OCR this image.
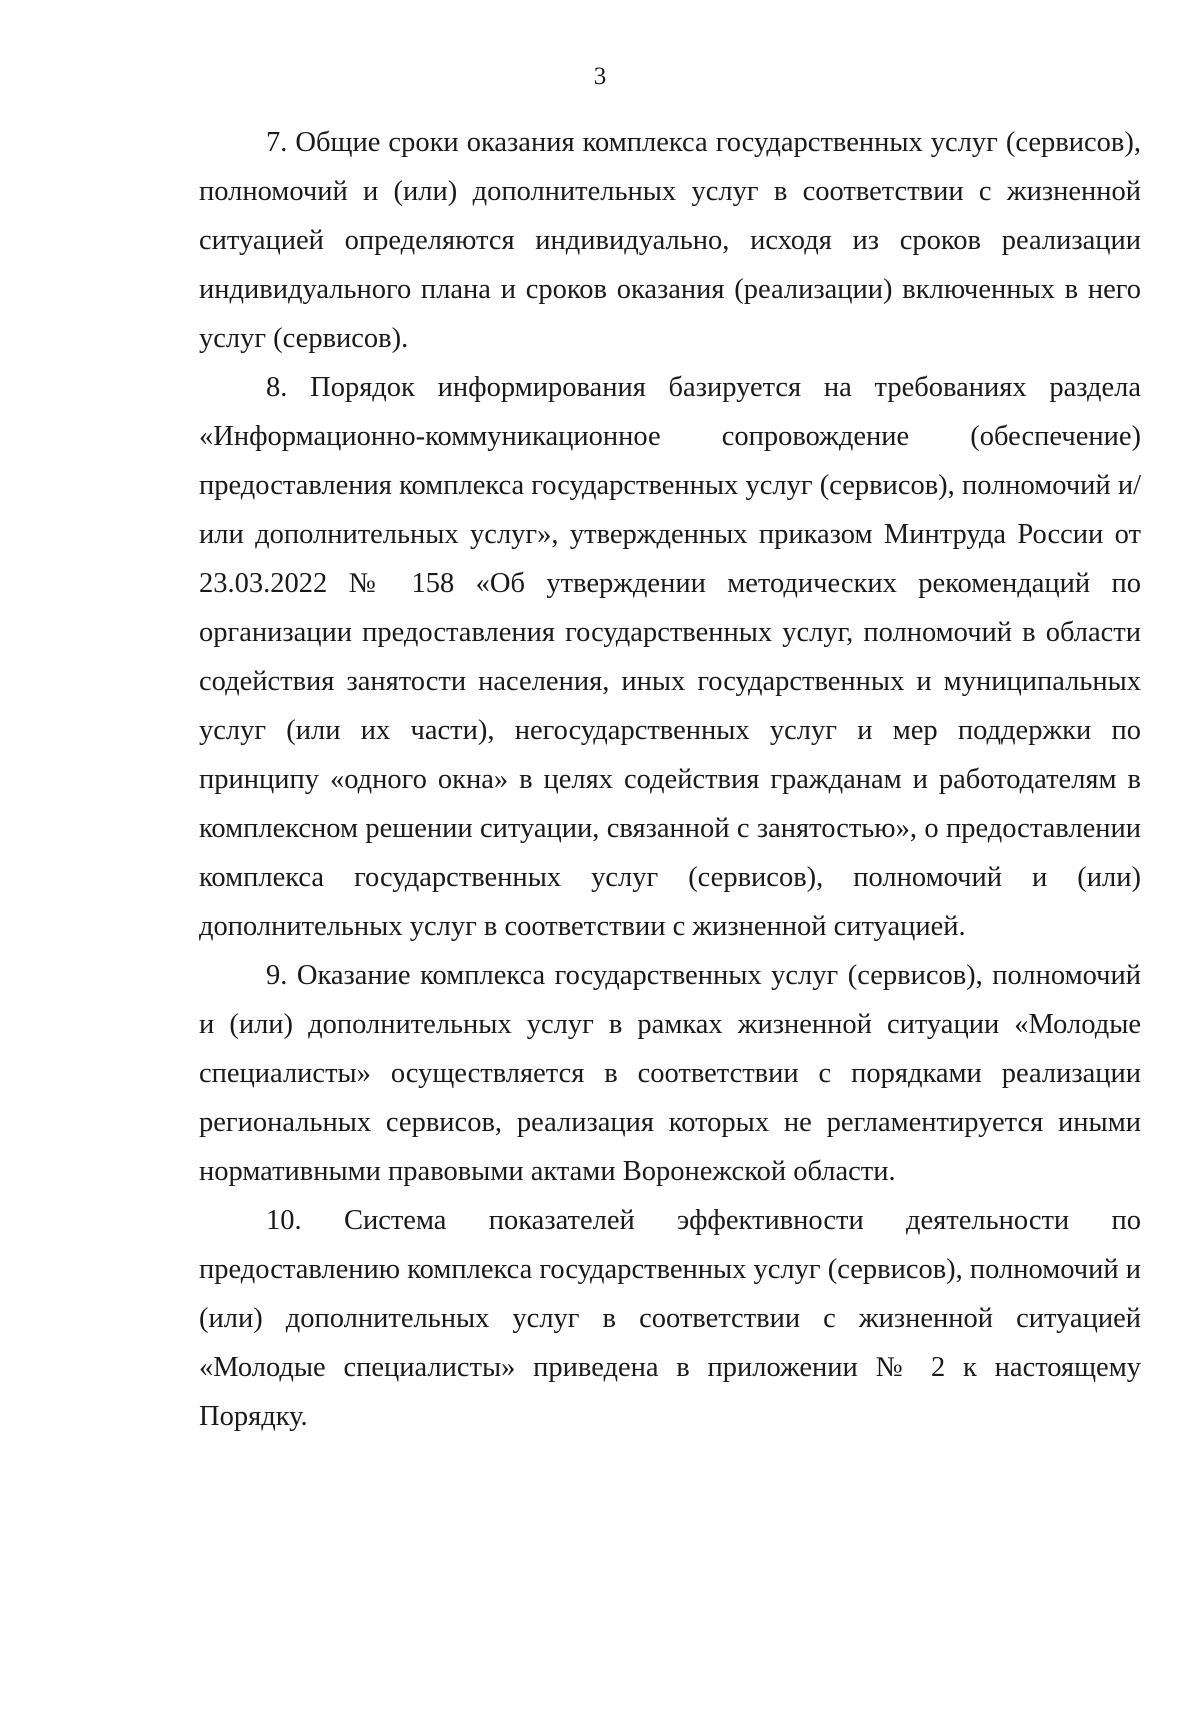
3

7. Общие сроки оказания комплекса государственных услуг (сервисов), полномочий и (или) дополнительных услуг в соответствии с жизненной ситуацией определяются индивидуально, исходя из сроков реализации индивидуального плана и сроков оказания (реализации) включенных в него услуг (сервисов).

8. Порядок информирования базируется на требованиях раздела «Информационно-коммуникационное сопровождение (обеспечение) предоставления комплекса государственных услуг (сервисов), полномочий и/или дополнительных услуг», утвержденных приказом Минтруда России от 23.03.2022 № 158 «Об утверждении методических рекомендаций по организации предоставления государственных услуг, полномочий в области содействия занятости населения, иных государственных и муниципальных услуг (или их части), негосударственных услуг и мер поддержки по принципу «одного окна» в целях содействия гражданам и работодателям в комплексном решении ситуации, связанной с занятостью», о предоставлении комплекса государственных услуг (сервисов), полномочий и (или) дополнительных услуг в соответствии с жизненной ситуацией.

9. Оказание комплекса государственных услуг (сервисов), полномочий и (или) дополнительных услуг в рамках жизненной ситуации «Молодые специалисты» осуществляется в соответствии с порядками реализации региональных сервисов, реализация которых не регламентируется иными нормативными правовыми актами Воронежской области.

10. Система показателей эффективности деятельности по предоставлению комплекса государственных услуг (сервисов), полномочий и (или) дополнительных услуг в соответствии с жизненной ситуацией «Молодые специалисты» приведена в приложении № 2 к настоящему Порядку.
